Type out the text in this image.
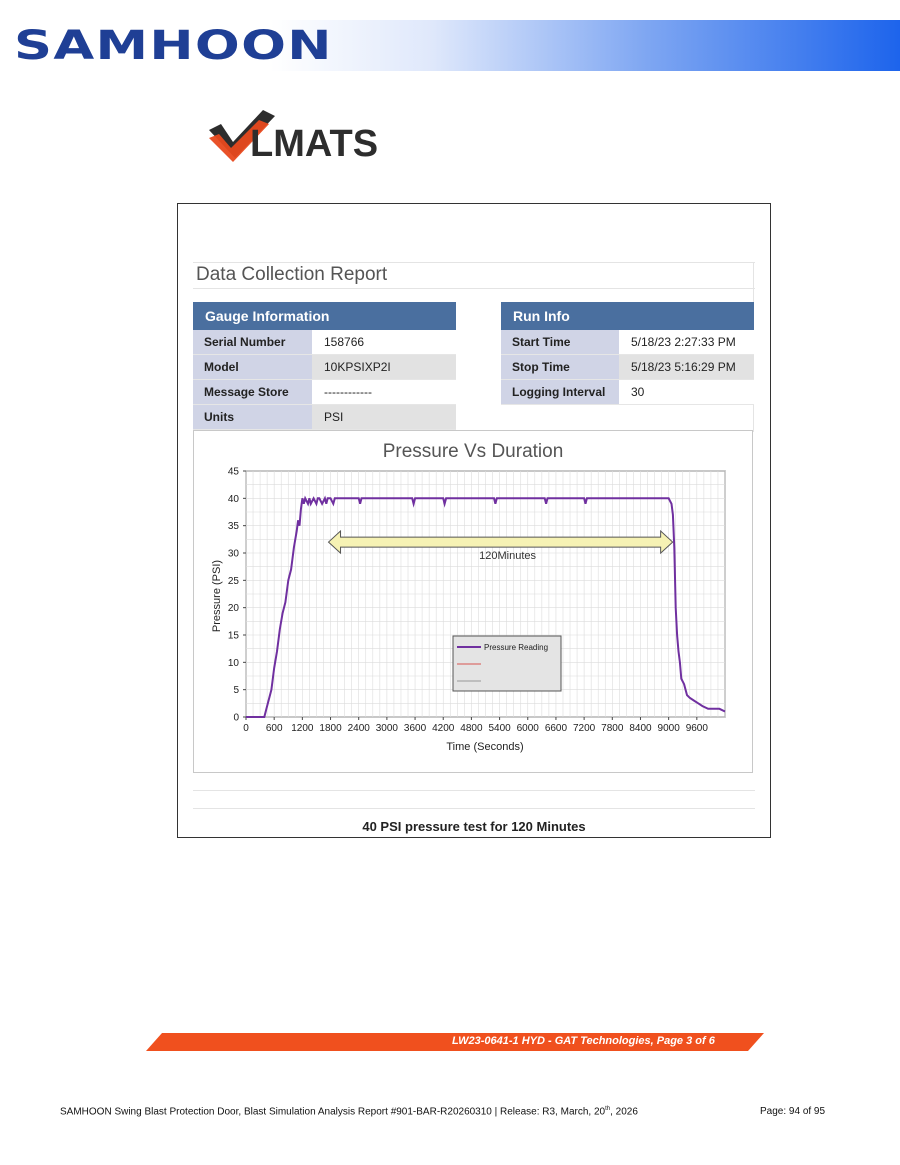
SAMHOON
LMATS
Data Collection Report
Gauge Information
Serial Number	158766
Model	10KPSIXP2I
Message Store	------------
Units	PSI
Run Info
Start Time	5/18/23 2:27:33 PM
Stop Time	5/18/23 5:16:29 PM
Logging Interval	30
Pressure Vs Duration
Time (Seconds)
Pressure (PSI)
0 600 1200 1800 2400 3000 3600 4200 4800 5400 6000 6600 7200 7800 8400 9000 9600
0
5
10
15
20
25
30
35
40
45
120Minutes
Pressure Reading
40 PSI pressure test for 120 Minutes
LW23-0641-1 HYD - GAT Technologies, Page 3 of 6
SAMHOON Swing Blast Protection Door, Blast Simulation Analysis Report #901-BAR-R20260310 | Release: R3, March, 20th, 2026	Page: 94 of 95
